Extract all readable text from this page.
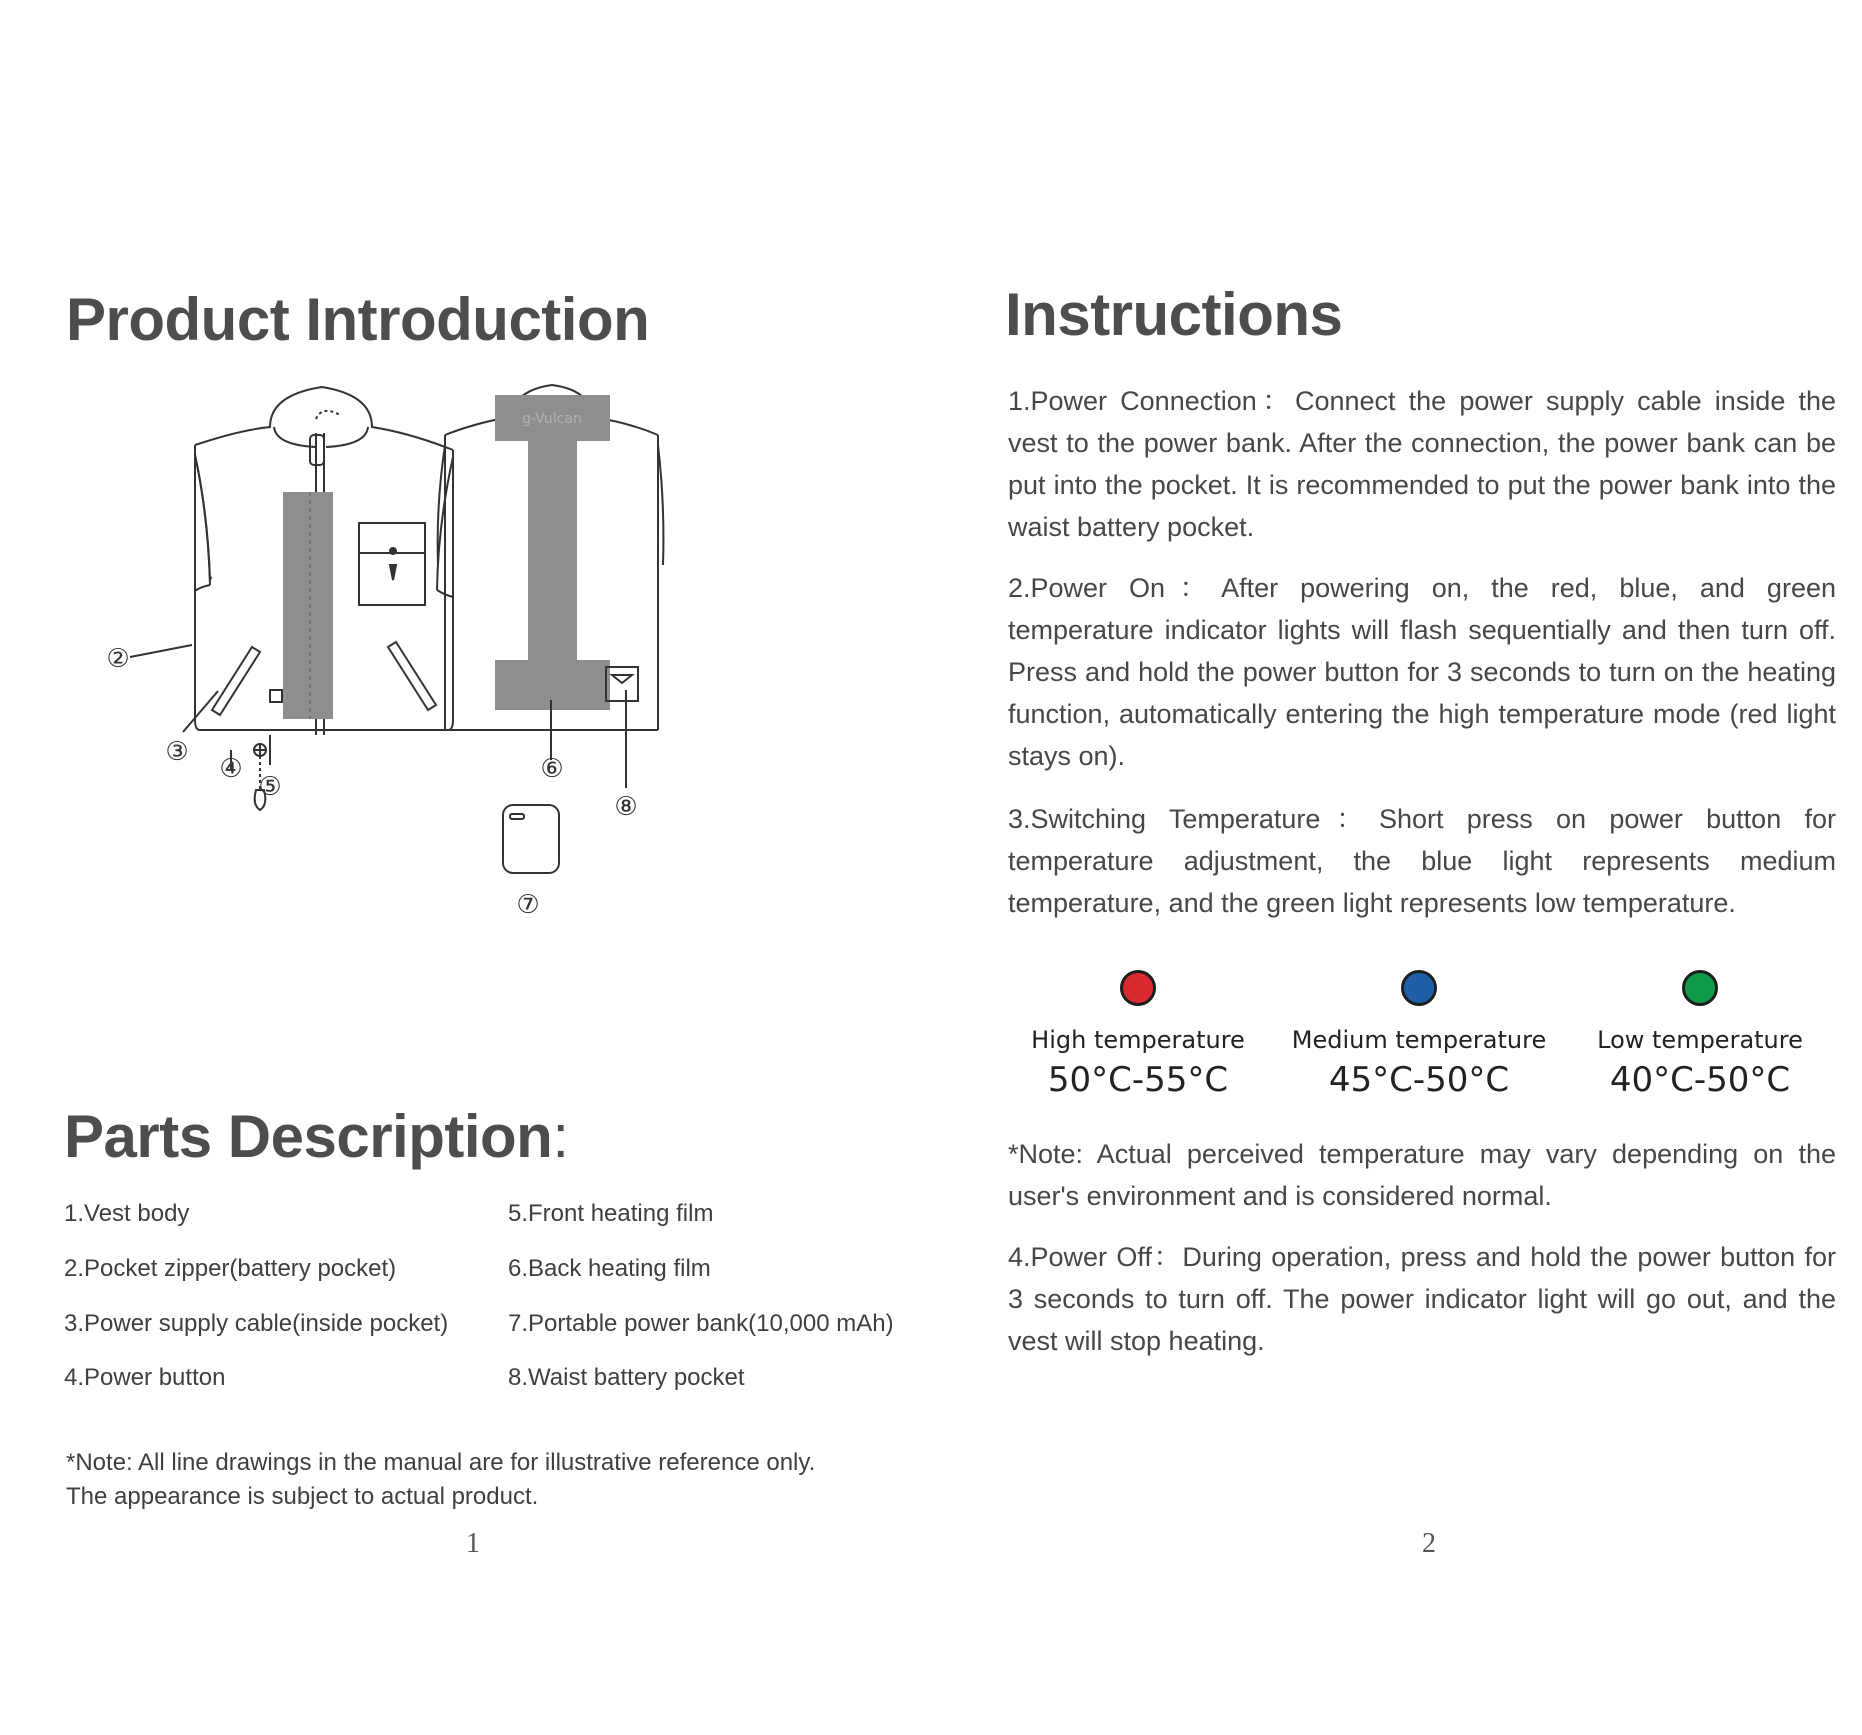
Product Introduction
②
③
④
⑤
⑥
⑦
⑧
g-Vulcan
Parts Description:
1.Vest body
2.Pocket zipper(battery pocket)
3.Power supply cable(inside pocket)
4.Power button
5.Front heating film
6.Back heating film
7.Portable power bank(10,000 mAh)
8.Waist battery pocket
*Note: All line drawings in the manual are for illustrative reference only.
The appearance is subject to actual product.
1
Instructions

1.Power Connection：Connect the power supply cable inside the vest to the power bank. After the connection, the power bank can be put into the pocket. It is recommended to put the power bank into the waist battery pocket.

2.Power On：After powering on, the red, blue, and green temperature indicator lights will flash sequentially and then turn off. Press and hold the power button for 3 seconds to turn on the heating function, automatically entering the high temperature mode (red light stays on).

3.Switching Temperature：Short press on power button for temperature adjustment, the blue light represents medium temperature, and the green light represents low temperature.

High temperature
50°C-55°C
Medium temperature
45°C-50°C
Low temperature
40°C-50°C

*Note: Actual perceived temperature may vary depending on the user's environment and is considered normal.

4.Power Off：During operation, press and hold the power button for 3 seconds to turn off. The power indicator light will go out, and the vest will stop heating.

2
